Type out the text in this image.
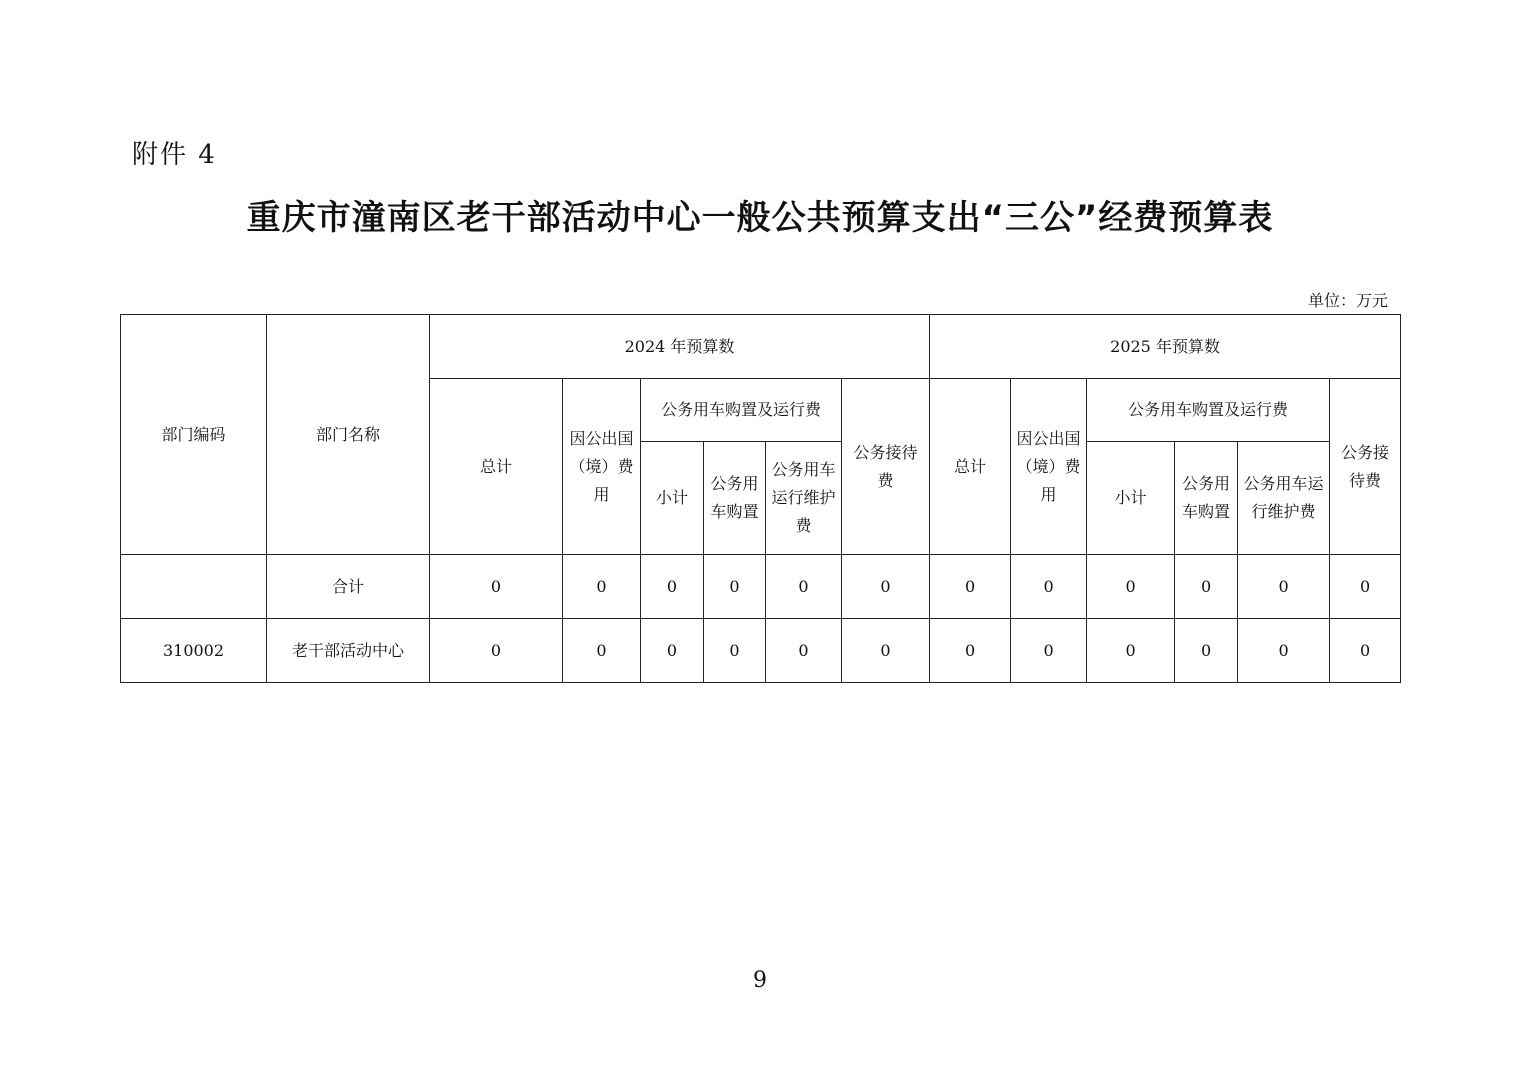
附件 4
重庆市潼南区老干部活动中心一般公共预算支出“三公”经费预算表
单位：万元
部门编码	部门名称	2024 年预算数						2025 年预算数					
		总计	因公出国（境）费用	公务用车购置及运行费			公务接待费	总计	因公出国（境）费用	公务用车购置及运行费			公务接待费
				小计	公务用车购置	公务用车运行维护费				小计	公务用车购置	公务用车运行维护费	
	合计	0	0	0	0	0	0	0	0	0	0	0	0
310002	老干部活动中心	0	0	0	0	0	0	0	0	0	0	0	0
9
